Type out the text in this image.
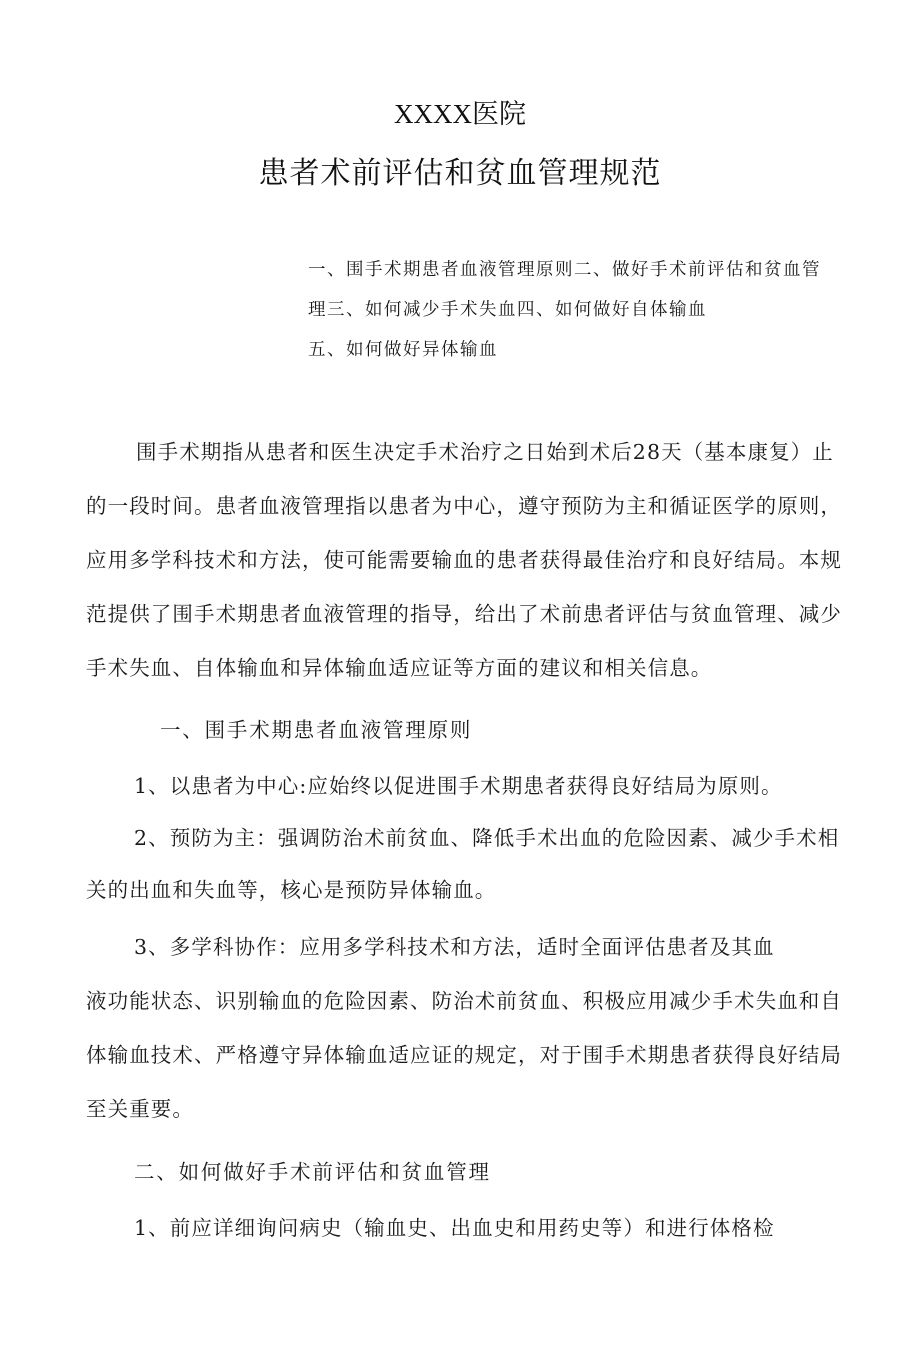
XXXX医院

患者术前评估和贫血管理规范

一、围手术期患者血液管理原则二、做好手术前评估和贫血管

理三、如何减少手术失血四、如何做好自体输血

五、如何做好异体输血

围手术期指从患者和医生决定手术治疗之日始到术后28天（基本康复）止

的一段时间。患者血液管理指以患者为中心，遵守预防为主和循证医学的原则，

应用多学科技术和方法，使可能需要输血的患者获得最佳治疗和良好结局。本规

范提供了围手术期患者血液管理的指导，给出了术前患者评估与贫血管理、减少

手术失血、自体输血和异体输血适应证等方面的建议和相关信息。

一、围手术期患者血液管理原则

1、以患者为中心:应始终以促进围手术期患者获得良好结局为原则。

2、预防为主：强调防治术前贫血、降低手术出血的危险因素、减少手术相

关的出血和失血等，核心是预防异体输血。

3、多学科协作：应用多学科技术和方法，适时全面评估患者及其血

液功能状态、识别输血的危险因素、防治术前贫血、积极应用减少手术失血和自

体输血技术、严格遵守异体输血适应证的规定，对于围手术期患者获得良好结局

至关重要。

二、如何做好手术前评估和贫血管理

1、前应详细询问病史（输血史、出血史和用药史等）和进行体格检
